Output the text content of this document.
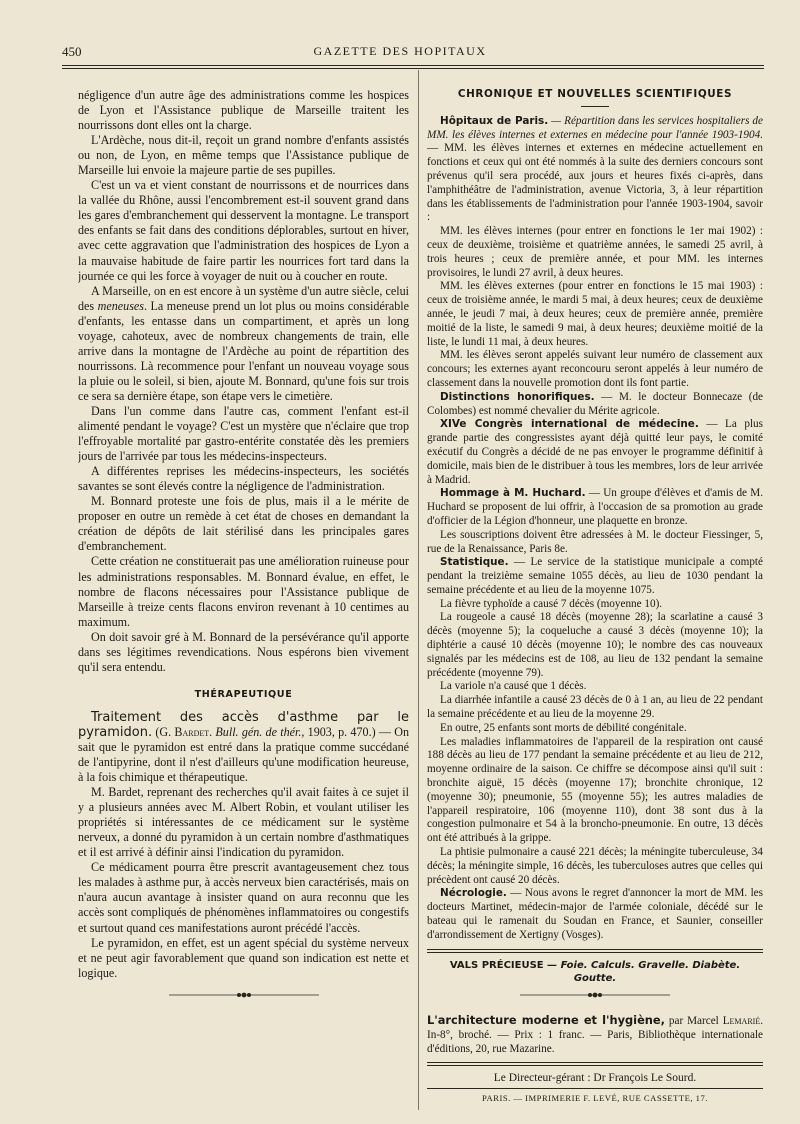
450	GAZETTE DES HOPITAUX

négligence d'un autre âge des administrations comme les hospices de Lyon et l'Assistance publique de Marseille traitent les nourrissons dont elles ont la charge.

L'Ardèche, nous dit-il, reçoit un grand nombre d'enfants assistés ou non, de Lyon, en même temps que l'Assistance publique de Marseille lui envoie la majeure partie de ses pupilles.

C'est un va et vient constant de nourrissons et de nourrices dans la vallée du Rhône, aussi l'encombrement est-il souvent grand dans les gares d'embranchement qui desservent la montagne. Le transport des enfants se fait dans des conditions déplorables, surtout en hiver, avec cette aggravation que l'administration des hospices de Lyon a la mauvaise habitude de faire partir les nourrices fort tard dans la journée ce qui les force à voyager de nuit ou à coucher en route.

A Marseille, on en est encore à un système d'un autre siècle, celui des meneuses. La meneuse prend un lot plus ou moins considérable d'enfants, les entasse dans un compartiment, et après un long voyage, cahoteux, avec de nombreux changements de train, elle arrive dans la montagne de l'Ardèche au point de répartition des nourrissons. Là recommence pour l'enfant un nouveau voyage sous la pluie ou le soleil, si bien, ajoute M. Bonnard, qu'une fois sur trois ce sera sa dernière étape, son étape vers le cimetière.

Dans l'un comme dans l'autre cas, comment l'enfant est-il alimenté pendant le voyage? C'est un mystère que n'éclaire que trop l'effroyable mortalité par gastro-entérite constatée dès les premiers jours de l'arrivée par tous les médecins-inspecteurs.

A différentes reprises les médecins-inspecteurs, les sociétés savantes se sont élevés contre la négligence de l'administration.

M. Bonnard proteste une fois de plus, mais il a le mérite de proposer en outre un remède à cet état de choses en demandant la création de dépôts de lait stérilisé dans les principales gares d'embranchement.

Cette création ne constituerait pas une amélioration ruineuse pour les administrations responsables. M. Bonnard évalue, en effet, le nombre de flacons nécessaires pour l'Assistance publique de Marseille à treize cents flacons environ revenant à 10 centimes au maximum.

On doit savoir gré à M. Bonnard de la persévérance qu'il apporte dans ses légitimes revendications. Nous espérons bien vivement qu'il sera entendu.

THÉRAPEUTIQUE

Traitement des accès d'asthme par le pyramidon. (G. Bardet. Bull. gén. de thér., 1903, p. 470.) — On sait que le pyramidon est entré dans la pratique comme succédané de l'antipyrine, dont il n'est d'ailleurs qu'une modification heureuse, à la fois chimique et thérapeutique.

M. Bardet, reprenant des recherches qu'il avait faites à ce sujet il y a plusieurs années avec M. Albert Robin, et voulant utiliser les propriétés si intéressantes de ce médicament sur le système nerveux, a donné du pyramidon à un certain nombre d'asthmatiques et il est arrivé à définir ainsi l'indication du pyramidon.

Ce médicament pourra être prescrit avantageusement chez tous les malades à asthme pur, à accès nerveux bien caractérisés, mais on n'aura aucun avantage à insister quand on aura reconnu que les accès sont compliqués de phénomènes inflammatoires ou congestifs et surtout quand ces manifestations auront précédé l'accès.

Le pyramidon, en effet, est un agent spécial du système nerveux et ne peut agir favorablement que quand son indication est nette et logique.

CHRONIQUE ET NOUVELLES SCIENTIFIQUES

Hôpitaux de Paris. — Répartition dans les services hospitaliers de MM. les élèves internes et externes en médecine pour l'année 1903-1904. — MM. les élèves internes et externes en médecine actuellement en fonctions et ceux qui ont été nommés à la suite des derniers concours sont prévenus qu'il sera procédé, aux jours et heures fixés ci-après, dans l'amphithéâtre de l'administration, avenue Victoria, 3, à leur répartition dans les établissements de l'administration pour l'année 1903-1904, savoir :

MM. les élèves internes (pour entrer en fonctions le 1er mai 1902) : ceux de deuxième, troisième et quatrième années, le samedi 25 avril, à trois heures ; ceux de première année, et pour MM. les internes provisoires, le lundi 27 avril, à deux heures.

MM. les élèves externes (pour entrer en fonctions le 15 mai 1903) : ceux de troisième année, le mardi 5 mai, à deux heures; ceux de deuxième année, le jeudi 7 mai, à deux heures; ceux de première année, première moitié de la liste, le samedi 9 mai, à deux heures; deuxième moitié de la liste, le lundi 11 mai, à deux heures.

MM. les élèves seront appelés suivant leur numéro de classement aux concours; les externes ayant reconcouru seront appelés à leur numéro de classement dans la nouvelle promotion dont ils font partie.

Distinctions honorifiques. — M. le docteur Bonnecaze (de Colombes) est nommé chevalier du Mérite agricole.

XIVe Congrès international de médecine. — La plus grande partie des congressistes ayant déjà quitté leur pays, le comité exécutif du Congrès a décidé de ne pas envoyer le programme définitif à domicile, mais bien de le distribuer à tous les membres, lors de leur arrivée à Madrid.

Hommage à M. Huchard. — Un groupe d'élèves et d'amis de M. Huchard se proposent de lui offrir, à l'occasion de sa promotion au grade d'officier de la Légion d'honneur, une plaquette en bronze.

Les souscriptions doivent être adressées à M. le docteur Fiessinger, 5, rue de la Renaissance, Paris 8e.

Statistique. — Le service de la statistique municipale a compté pendant la treizième semaine 1055 décès, au lieu de 1030 pendant la semaine précédente et au lieu de la moyenne 1075.

La fièvre typhoïde a causé 7 décès (moyenne 10).

La rougeole a causé 18 décès (moyenne 28); la scarlatine a causé 3 décès (moyenne 5); la coqueluche a causé 3 décès (moyenne 10); la diphtérie a causé 10 décès (moyenne 10); le nombre des cas nouveaux signalés par les médecins est de 108, au lieu de 132 pendant la semaine précédente (moyenne 79).

La variole n'a causé que 1 décès.

La diarrhée infantile a causé 23 décès de 0 à 1 an, au lieu de 22 pendant la semaine précédente et au lieu de la moyenne 29.

En outre, 25 enfants sont morts de débilité congénitale.

Les maladies inflammatoires de l'appareil de la respiration ont causé 188 décès au lieu de 177 pendant la semaine précédente et au lieu de 212, moyenne ordinaire de la saison. Ce chiffre se décompose ainsi qu'il suit : bronchite aiguë, 15 décès (moyenne 17); bronchite chronique, 12 (moyenne 30); pneumonie, 55 (moyenne 55); les autres maladies de l'appareil respiratoire, 106 (moyenne 110), dont 38 sont dus à la congestion pulmonaire et 54 à la broncho-pneumonie. En outre, 13 décès ont été attribués à la grippe.

La phtisie pulmonaire a causé 221 décès; la méningite tuberculeuse, 34 décès; la méningite simple, 16 décès, les tuberculoses autres que celles qui précèdent ont causé 20 décès.

Nécrologie. — Nous avons le regret d'annoncer la mort de MM. les docteurs Martinet, médecin-major de l'armée coloniale, décédé sur le bateau qui le ramenait du Soudan en France, et Saunier, conseiller d'arrondissement de Xertigny (Vosges).

VALS PRÉCIEUSE — Foie. Calculs. Gravelle. Diabète. Goutte.

L'architecture moderne et l'hygiène, par Marcel Lemarié. In-8°, broché. — Prix : 1 franc. — Paris, Bibliothèque internationale d'éditions, 20, rue Mazarine.

Le Directeur-gérant : Dr François Le Sourd.

PARIS. — IMPRIMERIE F. LEVÉ, RUE CASSETTE, 17.
